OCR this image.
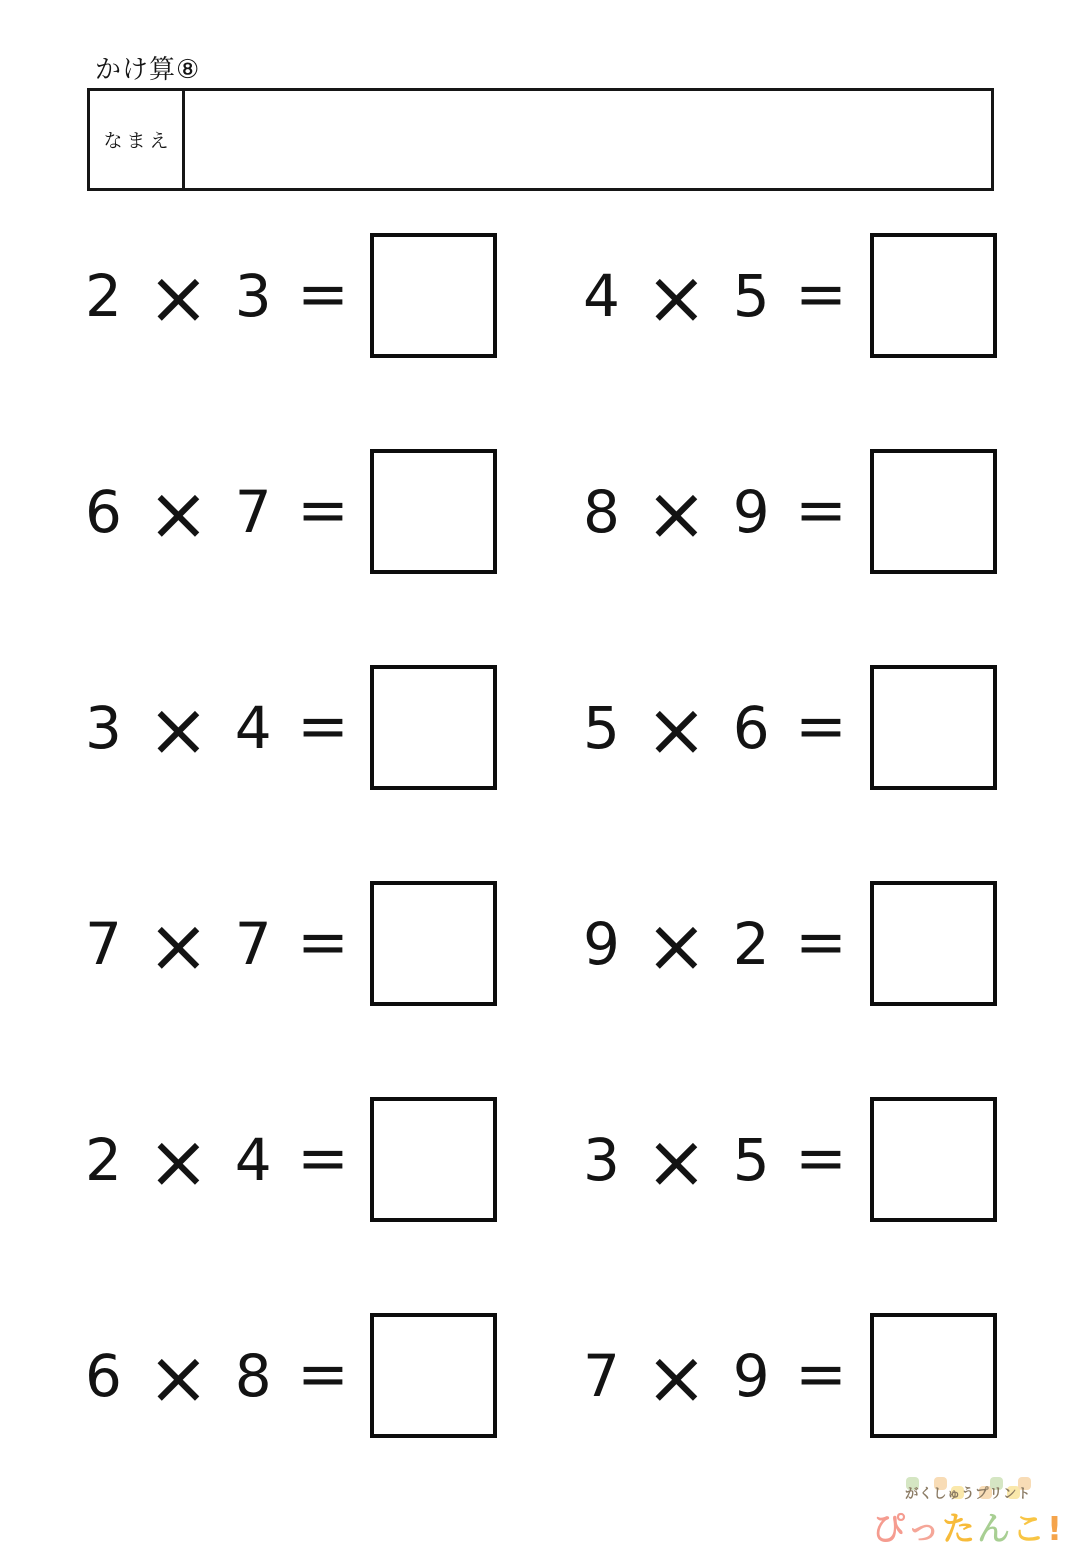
かけ算⑧
なまえ
2 × 3 =	4 × 5 =
6 × 7 =	8 × 9 =
3 × 4 =	5 × 6 =
7 × 7 =	9 × 2 =
2 × 4 =	3 × 5 =
6 × 8 =	7 × 9 =
がくしゅうプリント
ぴったんこ!
